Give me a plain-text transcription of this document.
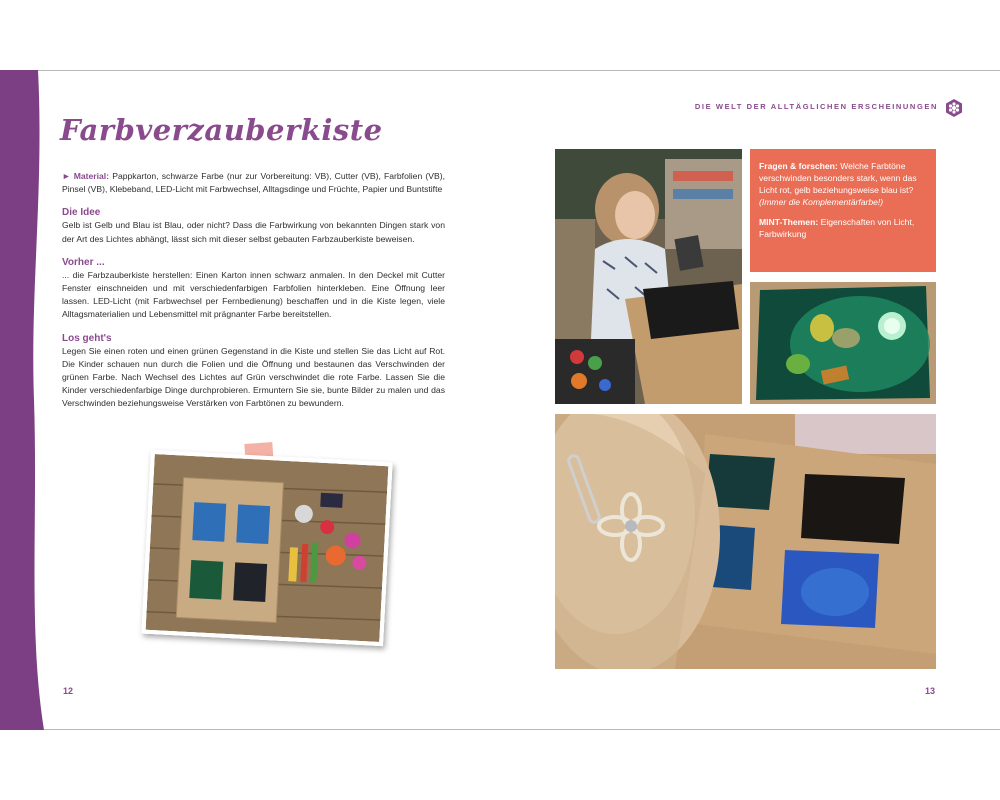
DIE WELT DER ALLTÄGLICHEN ERSCHEINUNGEN
Farbverzauberkiste

► Material: Pappkarton, schwarze Farbe (nur zur Vorbereitung: VB), Cutter (VB), Farbfolien (VB), Pinsel (VB), Klebeband, LED-Licht mit Farbwechsel, Alltagsdinge und Früchte, Papier und Buntstifte

Die Idee

Gelb ist Gelb und Blau ist Blau, oder nicht? Dass die Farbwirkung von bekannten Dingen stark von der Art des Lichtes abhängt, lässt sich mit dieser selbst gebauten Farbzauberkiste beweisen.

Vorher ...

... die Farbzauberkiste herstellen: Einen Karton innen schwarz anmalen. In den Deckel mit Cutter Fenster einschneiden und mit verschiedenfarbigen Farbfolien hinterkleben. Eine Öffnung leer lassen. LED-Licht (mit Farbwechsel per Fernbedienung) beschaffen und in die Kiste legen, viele Alltagsmaterialien und Lebensmittel mit prägnanter Farbe bereitstellen.

Los geht's

Legen Sie einen roten und einen grünen Gegenstand in die Kiste und stellen Sie das Licht auf Rot. Die Kinder schauen nun durch die Folien und die Öffnung und bestaunen das Verschwinden der grünen Farbe. Nach Wechsel des Lichtes auf Grün verschwindet die rote Farbe. Lassen Sie die Kinder verschiedenfarbige Dinge durchprobieren. Ermuntern Sie sie, bunte Bilder zu malen und das Verschwinden beziehungsweise Verstärken von Farbtönen zu bewundern.

Fragen & forschen: Welche Farbtöne verschwinden besonders stark, wenn das Licht rot, gelb beziehungsweise blau ist? (Immer die Komplementärfarbe!)

MINT-Themen: Eigenschaften von Licht, Farbwirkung

12	13
